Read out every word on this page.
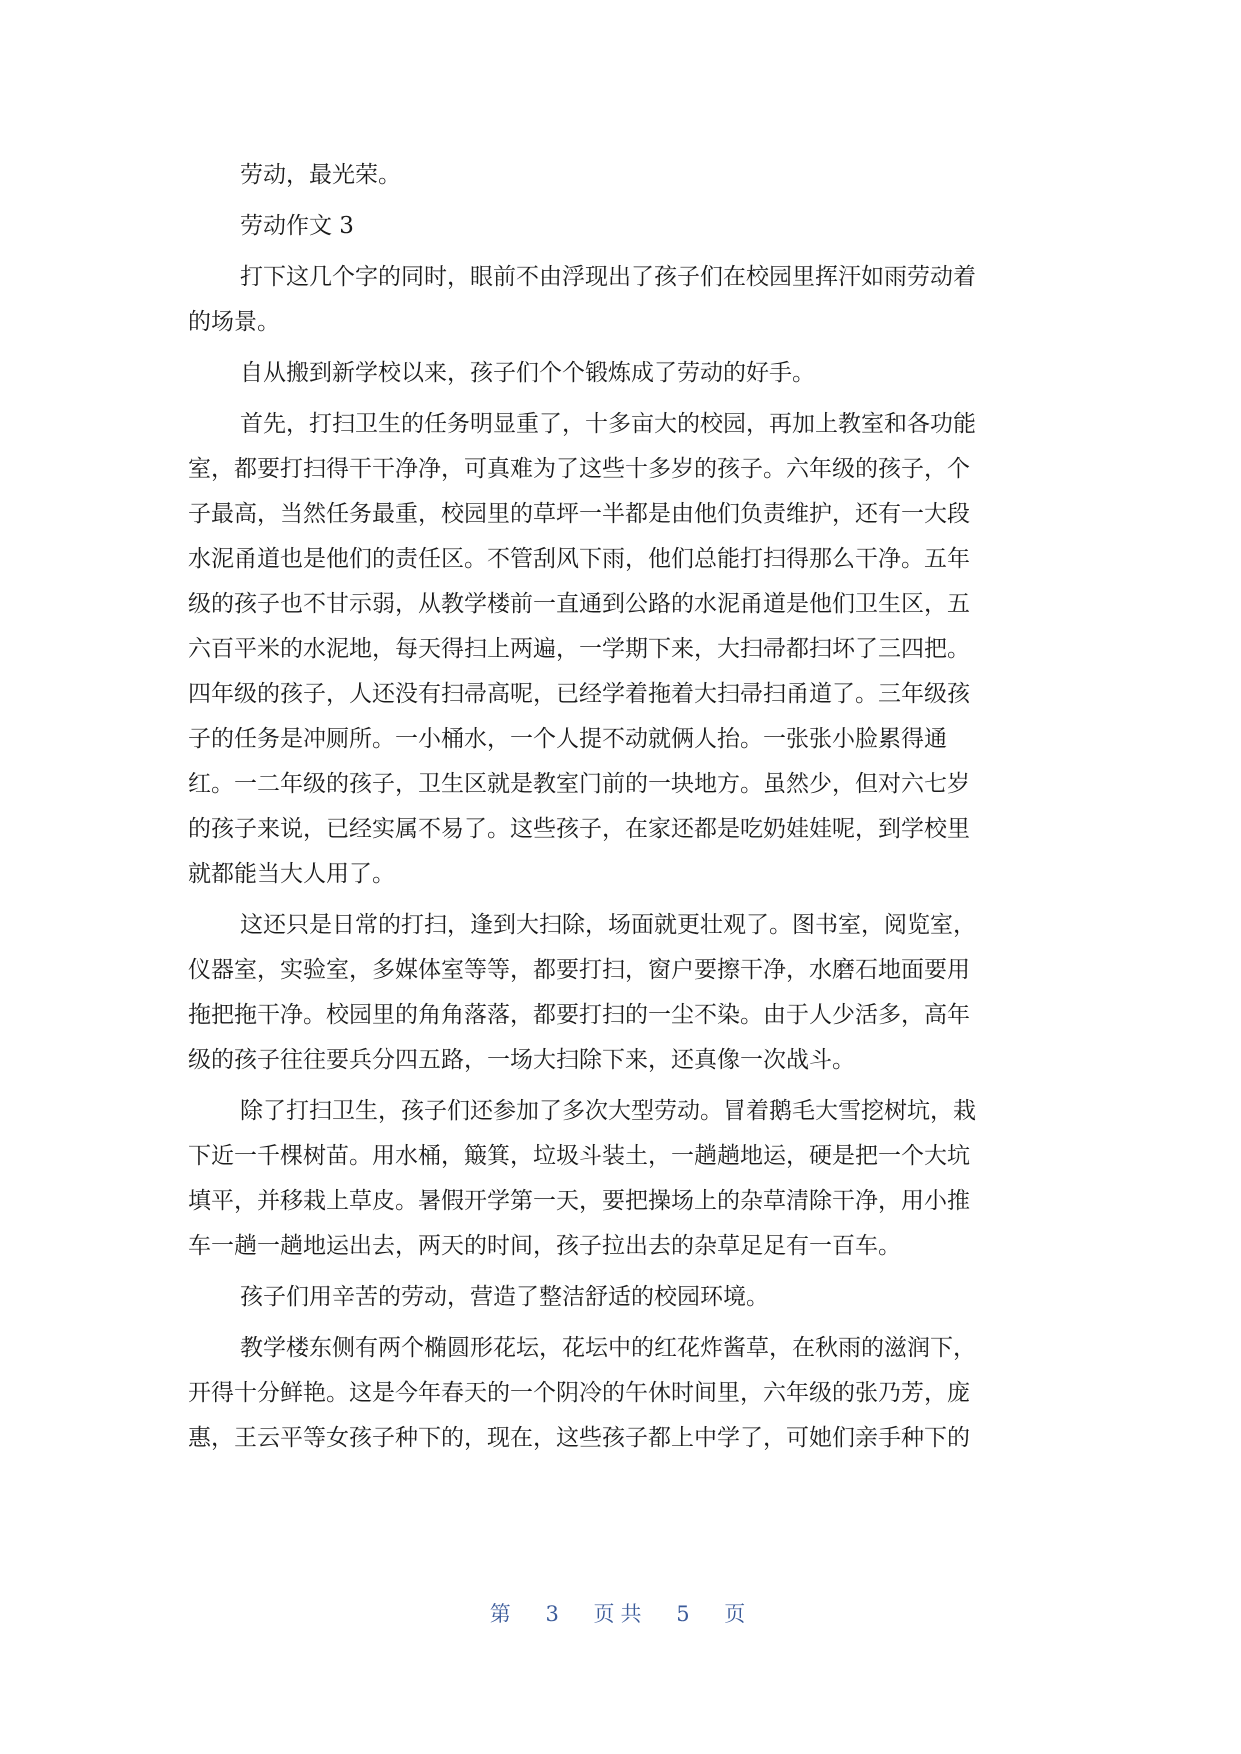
劳动，最光荣。
劳动作文 3
打下这几个字的同时，眼前不由浮现出了孩子们在校园里挥汗如雨劳动着
的场景。
自从搬到新学校以来，孩子们个个锻炼成了劳动的好手。
首先，打扫卫生的任务明显重了，十多亩大的校园，再加上教室和各功能
室，都要打扫得干干净净，可真难为了这些十多岁的孩子。六年级的孩子，个
子最高，当然任务最重，校园里的草坪一半都是由他们负责维护，还有一大段
水泥甬道也是他们的责任区。不管刮风下雨，他们总能打扫得那么干净。五年
级的孩子也不甘示弱，从教学楼前一直通到公路的水泥甬道是他们卫生区，五
六百平米的水泥地，每天得扫上两遍，一学期下来，大扫帚都扫坏了三四把。
四年级的孩子，人还没有扫帚高呢，已经学着拖着大扫帚扫甬道了。三年级孩
子的任务是冲厕所。一小桶水，一个人提不动就俩人抬。一张张小脸累得通
红。一二年级的孩子，卫生区就是教室门前的一块地方。虽然少，但对六七岁
的孩子来说，已经实属不易了。这些孩子，在家还都是吃奶娃娃呢，到学校里
就都能当大人用了。
这还只是日常的打扫，逢到大扫除，场面就更壮观了。图书室，阅览室，
仪器室，实验室，多媒体室等等，都要打扫，窗户要擦干净，水磨石地面要用
拖把拖干净。校园里的角角落落，都要打扫的一尘不染。由于人少活多，高年
级的孩子往往要兵分四五路，一场大扫除下来，还真像一次战斗。
除了打扫卫生，孩子们还参加了多次大型劳动。冒着鹅毛大雪挖树坑，栽
下近一千棵树苗。用水桶，簸箕，垃圾斗装土，一趟趟地运，硬是把一个大坑
填平，并移栽上草皮。暑假开学第一天，要把操场上的杂草清除干净，用小推
车一趟一趟地运出去，两天的时间，孩子拉出去的杂草足足有一百车。
孩子们用辛苦的劳动，营造了整洁舒适的校园环境。
教学楼东侧有两个椭圆形花坛，花坛中的红花炸酱草，在秋雨的滋润下，
开得十分鲜艳。这是今年春天的一个阴冷的午休时间里，六年级的张乃芳，庞
惠，王云平等女孩子种下的，现在，这些孩子都上中学了，可她们亲手种下的
第 3 页共 5 页
